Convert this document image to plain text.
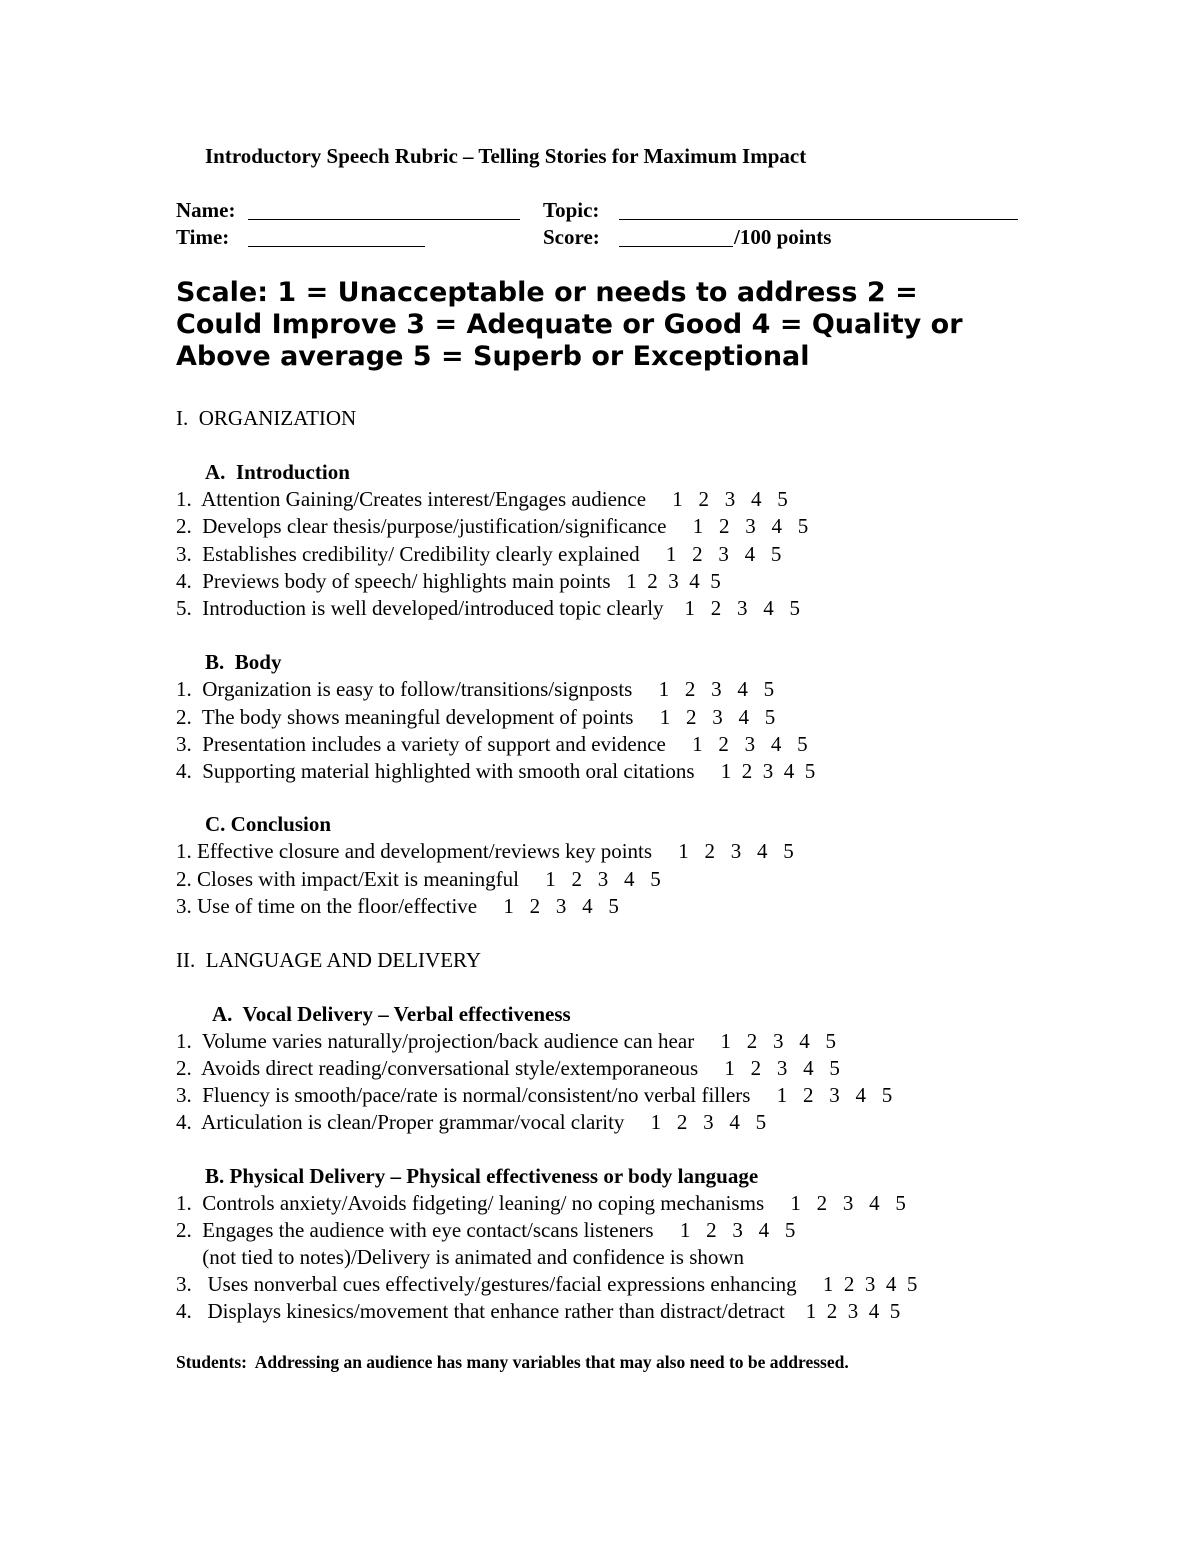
Introductory Speech Rubric – Telling Stories for Maximum Impact
Name:	Topic:
Time:	Score:	/100 points
Scale: 1 = Unacceptable or needs to address 2 = Could Improve 3 = Adequate or Good 4 = Quality or Above average 5 = Superb or Exceptional
I.  ORGANIZATION
A.  Introduction
1.  Attention Gaining/Creates interest/Engages audience     1   2   3   4   5
2.  Develops clear thesis/purpose/justification/significance     1   2   3   4   5
3.  Establishes credibility/ Credibility clearly explained     1   2   3   4   5
4.  Previews body of speech/ highlights main points   1  2  3  4  5
5.  Introduction is well developed/introduced topic clearly    1   2   3   4   5
B.  Body
1.  Organization is easy to follow/transitions/signposts     1   2   3   4   5
2.  The body shows meaningful development of points     1   2   3   4   5
3.  Presentation includes a variety of support and evidence     1   2   3   4   5
4.  Supporting material highlighted with smooth oral citations     1  2  3  4  5
C. Conclusion
1. Effective closure and development/reviews key points     1   2   3   4   5
2. Closes with impact/Exit is meaningful     1   2   3   4   5
3. Use of time on the floor/effective     1   2   3   4   5
II.  LANGUAGE AND DELIVERY
A.  Vocal Delivery – Verbal effectiveness
1.  Volume varies naturally/projection/back audience can hear     1   2   3   4   5
2.  Avoids direct reading/conversational style/extemporaneous     1   2   3   4   5
3.  Fluency is smooth/pace/rate is normal/consistent/no verbal fillers     1   2   3   4   5
4.  Articulation is clean/Proper grammar/vocal clarity     1   2   3   4   5
B. Physical Delivery – Physical effectiveness or body language
1.  Controls anxiety/Avoids fidgeting/ leaning/ no coping mechanisms     1   2   3   4   5
2.  Engages the audience with eye contact/scans listeners     1   2   3   4   5
(not tied to notes)/Delivery is animated and confidence is shown
3.   Uses nonverbal cues effectively/gestures/facial expressions enhancing     1  2  3  4  5
4.   Displays kinesics/movement that enhance rather than distract/detract    1  2  3  4  5
Students:  Addressing an audience has many variables that may also need to be addressed.
